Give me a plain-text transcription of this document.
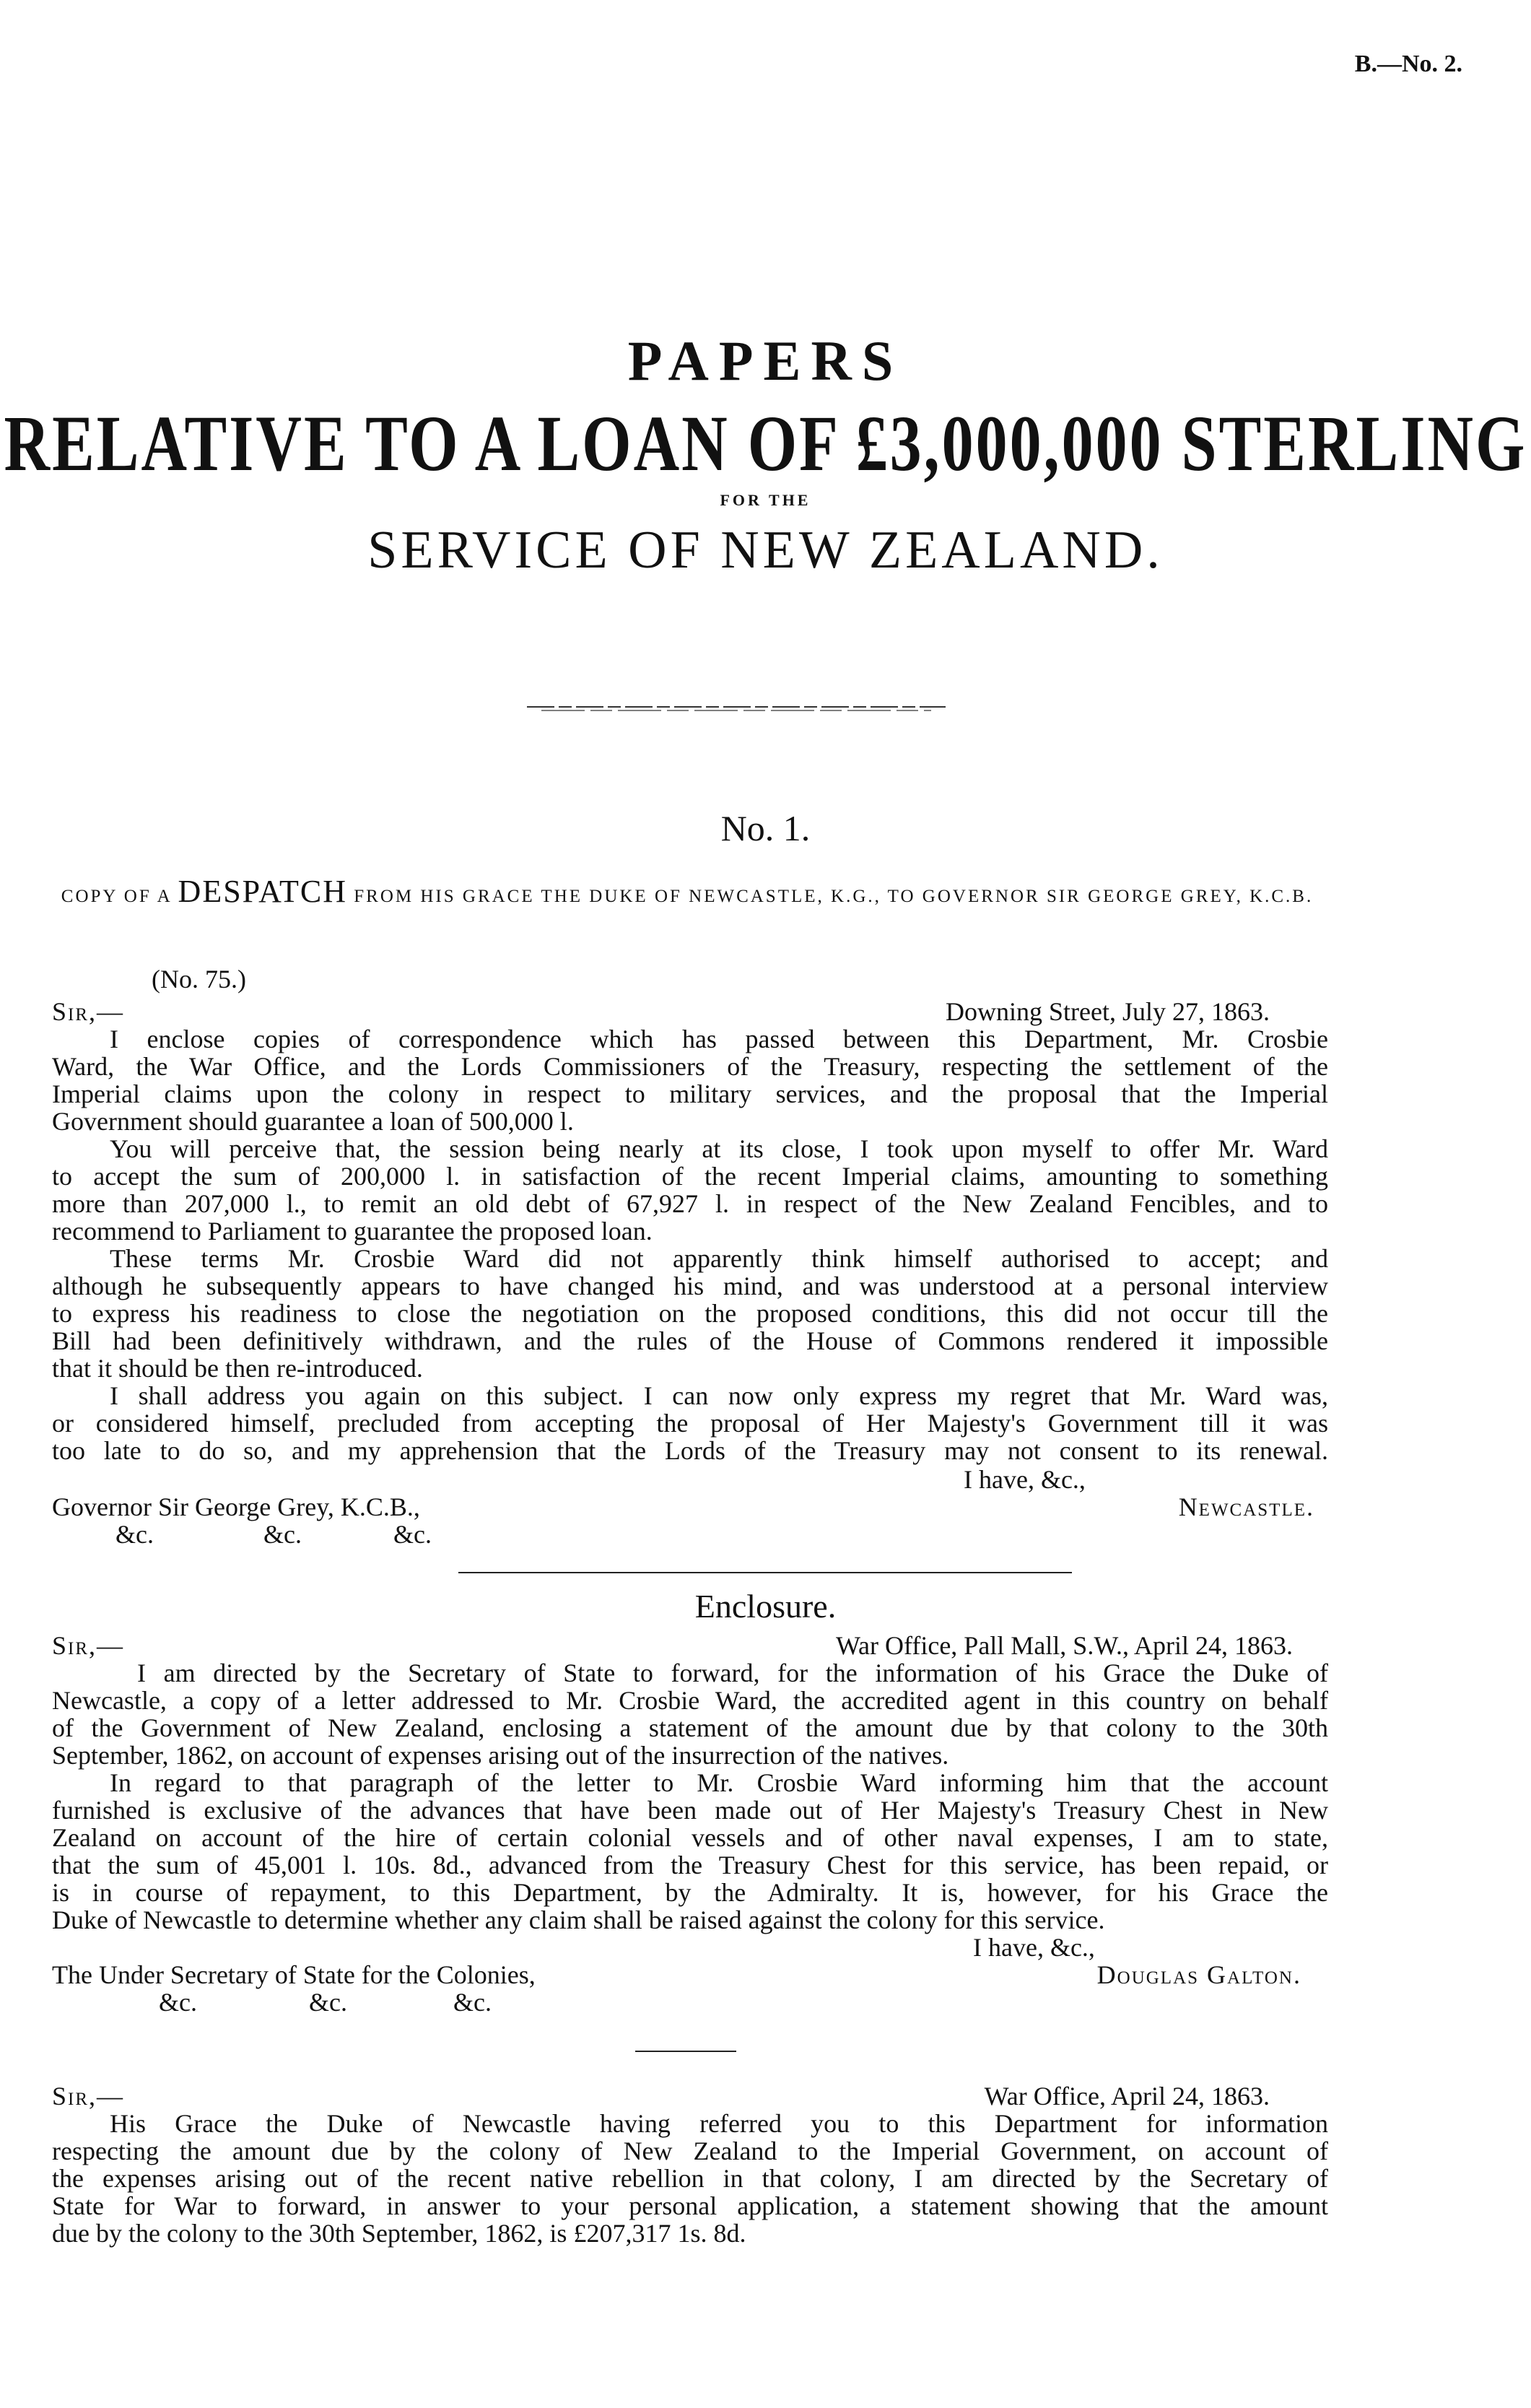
B.—No. 2.
PAPERS
RELATIVE TO A LOAN OF £3,000,000 STERLING
FOR THE
SERVICE OF NEW ZEALAND.
No. 1.
COPY OF A DESPATCH FROM HIS GRACE THE DUKE OF NEWCASTLE, K.G., TO GOVERNOR SIR GEORGE GREY, K.C.B.
(No. 75.)
Sir,—	Downing Street, July 27, 1863.
I enclose copies of correspondence which has passed between this Department, Mr. Crosbie
Ward, the War Office, and the Lords Commissioners of the Treasury, respecting the settlement of the
Imperial claims upon the colony in respect to military services, and the proposal that the Imperial
Government should guarantee a loan of 500,000 l.
You will perceive that, the session being nearly at its close, I took upon myself to offer Mr. Ward
to accept the sum of 200,000 l. in satisfaction of the recent Imperial claims, amounting to something
more than 207,000 l., to remit an old debt of 67,927 l. in respect of the New Zealand Fencibles, and to
recommend to Parliament to guarantee the proposed loan.
These terms Mr. Crosbie Ward did not apparently think himself authorised to accept; and
although he subsequently appears to have changed his mind, and was understood at a personal interview
to express his readiness to close the negotiation on the proposed conditions, this did not occur till the
Bill had been definitively withdrawn, and the rules of the House of Commons rendered it impossible
that it should be then re-introduced.
I shall address you again on this subject. I can now only express my regret that Mr. Ward was,
or considered himself, precluded from accepting the proposal of Her Majesty's Government till it was
too late to do so, and my apprehension that the Lords of the Treasury may not consent to its renewal.
I have, &c.,
Governor Sir George Grey, K.C.B.,	Newcastle.
&c.	&c.	&c.
Enclosure.
Sir,—	War Office, Pall Mall, S.W., April 24, 1863.
I am directed by the Secretary of State to forward, for the information of his Grace the Duke of
Newcastle, a copy of a letter addressed to Mr. Crosbie Ward, the accredited agent in this country on behalf
of the Government of New Zealand, enclosing a statement of the amount due by that colony to the 30th
September, 1862, on account of expenses arising out of the insurrection of the natives.
In regard to that paragraph of the letter to Mr. Crosbie Ward informing him that the account
furnished is exclusive of the advances that have been made out of Her Majesty's Treasury Chest in New
Zealand on account of the hire of certain colonial vessels and of other naval expenses, I am to state,
that the sum of 45,001 l. 10s. 8d., advanced from the Treasury Chest for this service, has been repaid, or
is in course of repayment, to this Department, by the Admiralty. It is, however, for his Grace the
Duke of Newcastle to determine whether any claim shall be raised against the colony for this service.
I have, &c.,
The Under Secretary of State for the Colonies,	Douglas Galton.
&c.	&c.	&c.
Sir,—	War Office, April 24, 1863.
His Grace the Duke of Newcastle having referred you to this Department for information
respecting the amount due by the colony of New Zealand to the Imperial Government, on account of
the expenses arising out of the recent native rebellion in that colony, I am directed by the Secretary of
State for War to forward, in answer to your personal application, a statement showing that the amount
due by the colony to the 30th September, 1862, is £207,317 1s. 8d.
